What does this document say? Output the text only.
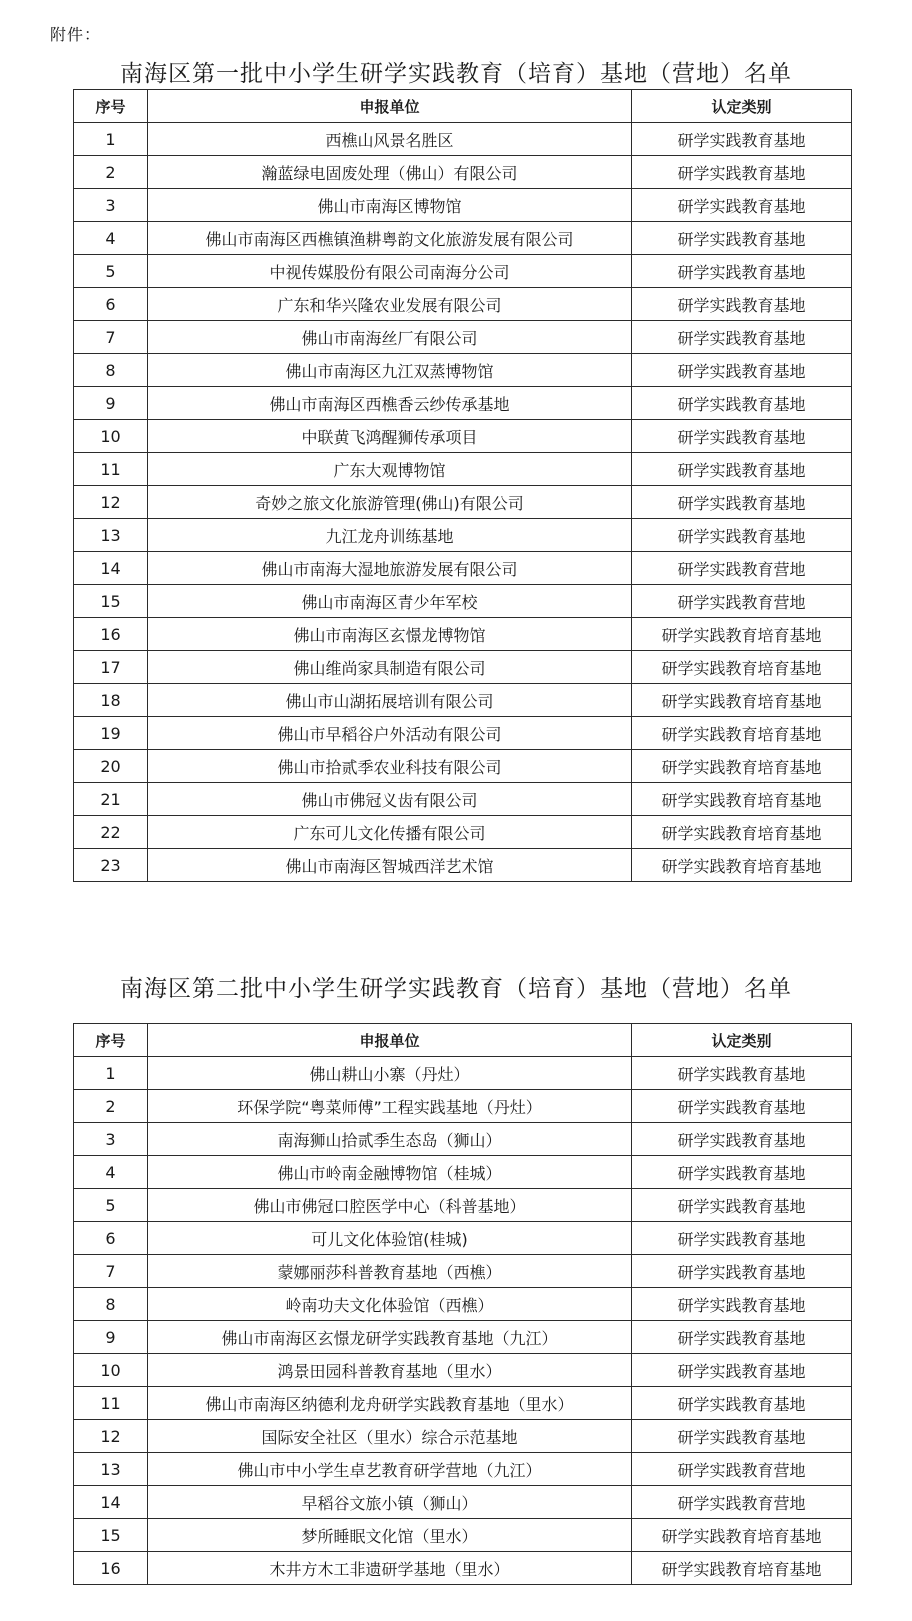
附件：
南海区第一批中小学生研学实践教育（培育）基地（营地）名单
序号	申报单位	认定类别
1	西樵山风景名胜区	研学实践教育基地
2	瀚蓝绿电固废处理（佛山）有限公司	研学实践教育基地
3	佛山市南海区博物馆	研学实践教育基地
4	佛山市南海区西樵镇渔耕粤韵文化旅游发展有限公司	研学实践教育基地
5	中视传媒股份有限公司南海分公司	研学实践教育基地
6	广东和华兴隆农业发展有限公司	研学实践教育基地
7	佛山市南海丝厂有限公司	研学实践教育基地
8	佛山市南海区九江双蒸博物馆	研学实践教育基地
9	佛山市南海区西樵香云纱传承基地	研学实践教育基地
10	中联黄飞鸿醒狮传承项目	研学实践教育基地
11	广东大观博物馆	研学实践教育基地
12	奇妙之旅文化旅游管理(佛山)有限公司	研学实践教育基地
13	九江龙舟训练基地	研学实践教育基地
14	佛山市南海大湿地旅游发展有限公司	研学实践教育营地
15	佛山市南海区青少年军校	研学实践教育营地
16	佛山市南海区玄憬龙博物馆	研学实践教育培育基地
17	佛山维尚家具制造有限公司	研学实践教育培育基地
18	佛山市山湖拓展培训有限公司	研学实践教育培育基地
19	佛山市早稻谷户外活动有限公司	研学实践教育培育基地
20	佛山市拾贰季农业科技有限公司	研学实践教育培育基地
21	佛山市佛冠义齿有限公司	研学实践教育培育基地
22	广东可儿文化传播有限公司	研学实践教育培育基地
23	佛山市南海区智城西洋艺术馆	研学实践教育培育基地
南海区第二批中小学生研学实践教育（培育）基地（营地）名单
序号	申报单位	认定类别
1	佛山耕山小寨（丹灶）	研学实践教育基地
2	环保学院“粤菜师傅”工程实践基地（丹灶）	研学实践教育基地
3	南海狮山拾贰季生态岛（狮山）	研学实践教育基地
4	佛山市岭南金融博物馆（桂城）	研学实践教育基地
5	佛山市佛冠口腔医学中心（科普基地）	研学实践教育基地
6	可儿文化体验馆(桂城)	研学实践教育基地
7	蒙娜丽莎科普教育基地（西樵）	研学实践教育基地
8	岭南功夫文化体验馆（西樵）	研学实践教育基地
9	佛山市南海区玄憬龙研学实践教育基地（九江）	研学实践教育基地
10	鸿景田园科普教育基地（里水）	研学实践教育基地
11	佛山市南海区纳德利龙舟研学实践教育基地（里水）	研学实践教育基地
12	国际安全社区（里水）综合示范基地	研学实践教育基地
13	佛山市中小学生卓艺教育研学营地（九江）	研学实践教育营地
14	早稻谷文旅小镇（狮山）	研学实践教育营地
15	梦所睡眠文化馆（里水）	研学实践教育培育基地
16	木井方木工非遗研学基地（里水）	研学实践教育培育基地
